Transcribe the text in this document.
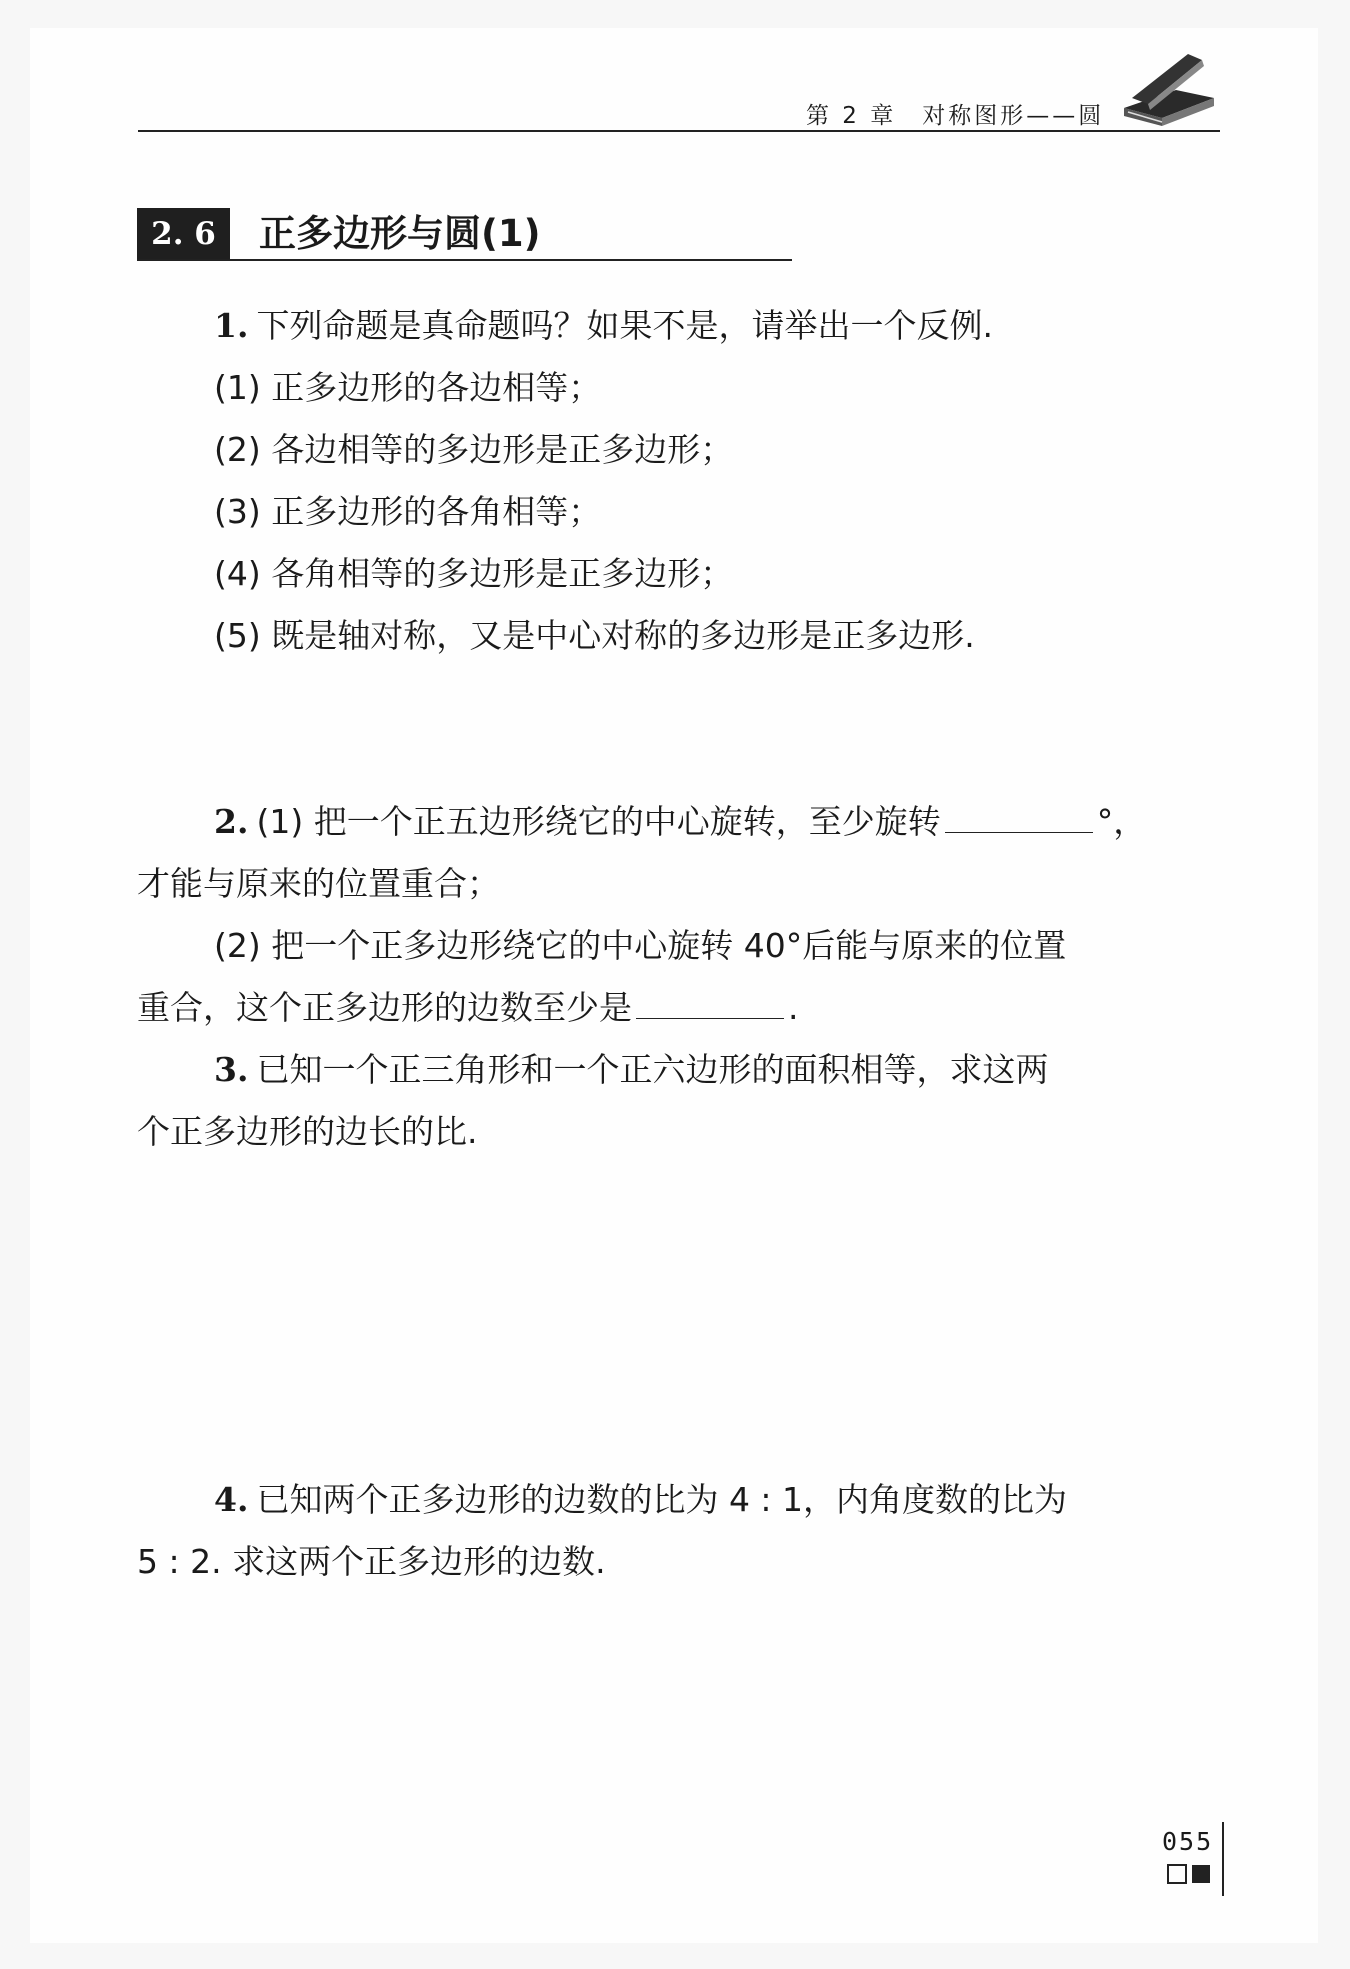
第 2 章　对称图形——圆
2. 6	正多边形与圆(1)
1. 下列命题是真命题吗？如果不是，请举出一个反例.
(1) 正多边形的各边相等；
(2) 各边相等的多边形是正多边形；
(3) 正多边形的各角相等；
(4) 各角相等的多边形是正多边形；
(5) 既是轴对称，又是中心对称的多边形是正多边形.
2. (1) 把一个正五边形绕它的中心旋转，至少旋转	°，
才能与原来的位置重合；
(2) 把一个正多边形绕它的中心旋转 40°后能与原来的位置
重合，这个正多边形的边数至少是	.
3. 已知一个正三角形和一个正六边形的面积相等，求这两
个正多边形的边长的比.
4. 已知两个正多边形的边数的比为 4 : 1，内角度数的比为
5 : 2. 求这两个正多边形的边数.
055
